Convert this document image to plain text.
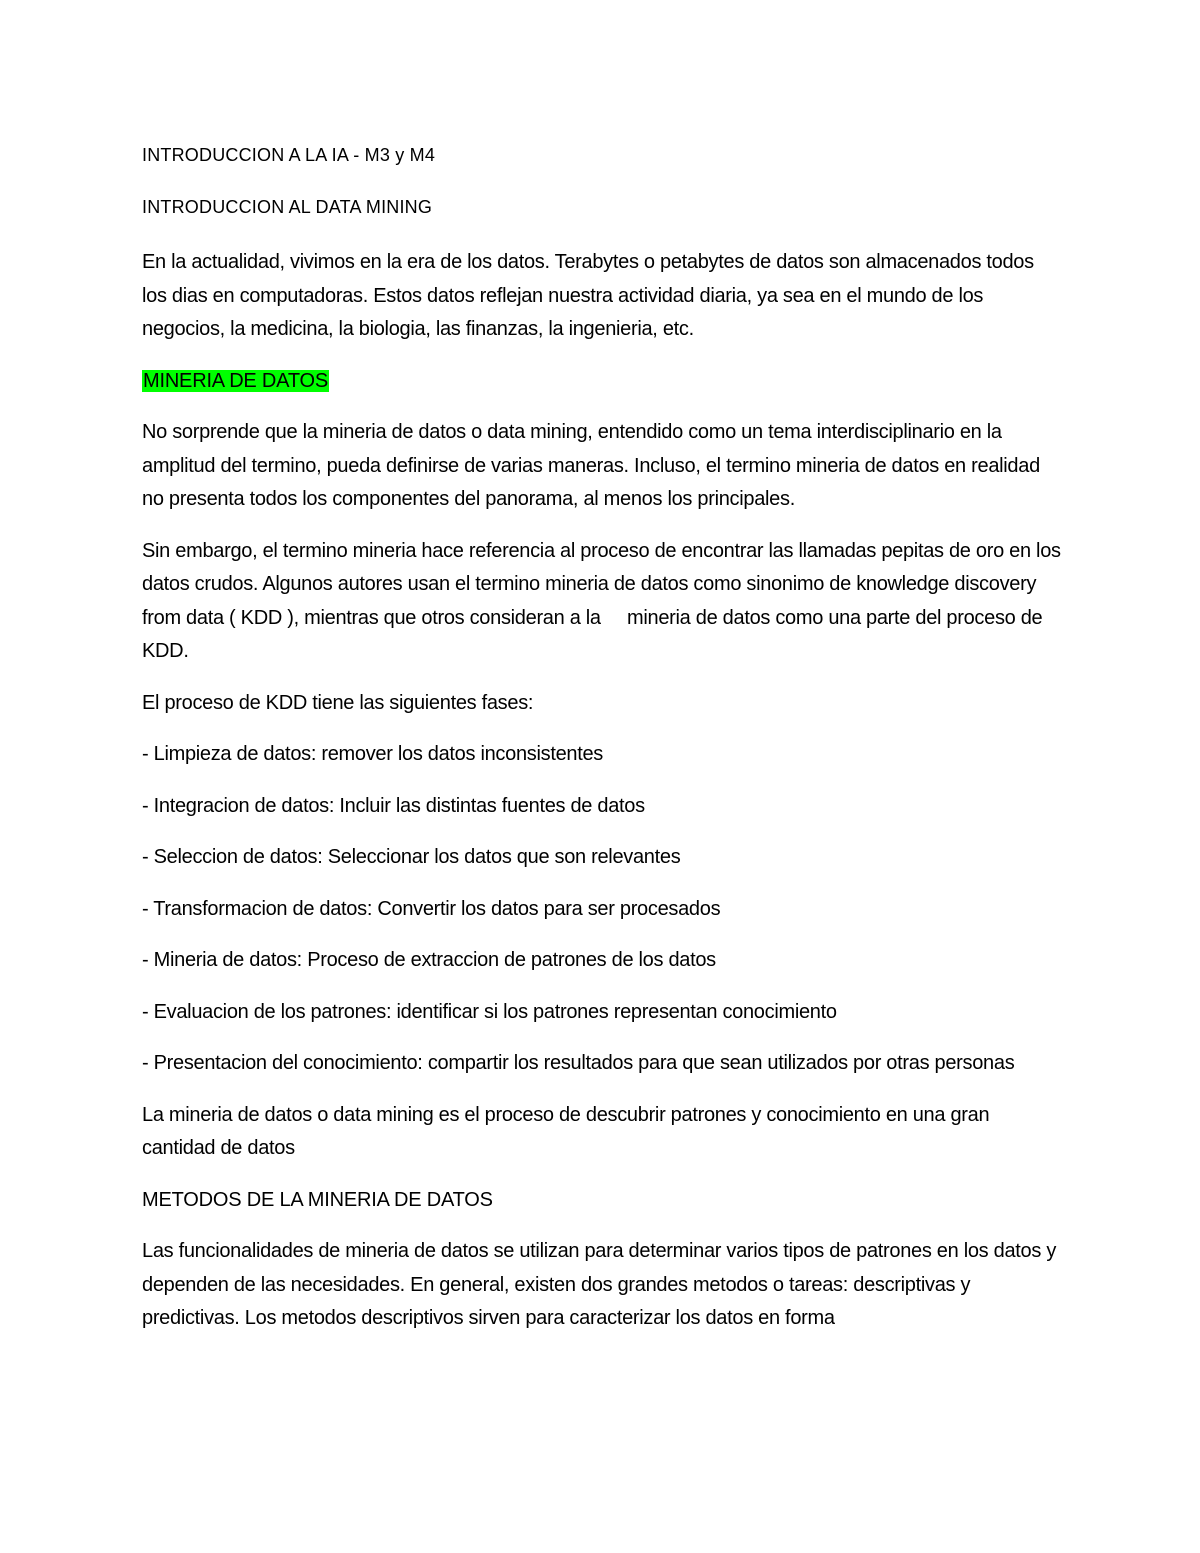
INTRODUCCION A LA IA - M3 y M4

INTRODUCCION AL DATA MINING

En la actualidad, vivimos en la era de los datos. Terabytes o petabytes de datos son almacenados todos los dias en computadoras. Estos datos reflejan nuestra actividad diaria, ya sea en el mundo de los negocios, la medicina, la biologia, las finanzas, la ingenieria, etc.

MINERIA DE DATOS

No sorprende que la mineria de datos o data mining, entendido como un tema interdisciplinario en la amplitud del termino, pueda definirse de varias maneras. Incluso, el termino mineria de datos en realidad no presenta todos los componentes del panorama, al menos los principales.

Sin embargo, el termino mineria hace referencia al proceso de encontrar las llamadas pepitas de oro en los datos crudos. Algunos autores usan el termino mineria de datos como sinonimo de knowledge discovery from data ( KDD ), mientras que otros consideran a la     mineria de datos como una parte del proceso de KDD.

El proceso de KDD tiene las siguientes fases:

- Limpieza de datos: remover los datos inconsistentes

- Integracion de datos: Incluir las distintas fuentes de datos

- Seleccion de datos: Seleccionar los datos que son relevantes

- Transformacion de datos: Convertir los datos para ser procesados

- Mineria de datos: Proceso de extraccion de patrones de los datos

- Evaluacion de los patrones: identificar si los patrones representan conocimiento

- Presentacion del conocimiento: compartir los resultados para que sean utilizados por otras personas

La mineria de datos o data mining es el proceso de descubrir patrones y conocimiento en una gran cantidad de datos

METODOS DE LA MINERIA DE DATOS

Las funcionalidades de mineria de datos se utilizan para determinar varios tipos de patrones en los datos y dependen de las necesidades. En general, existen dos grandes metodos o tareas: descriptivas y predictivas. Los metodos descriptivos sirven para caracterizar los datos en forma
